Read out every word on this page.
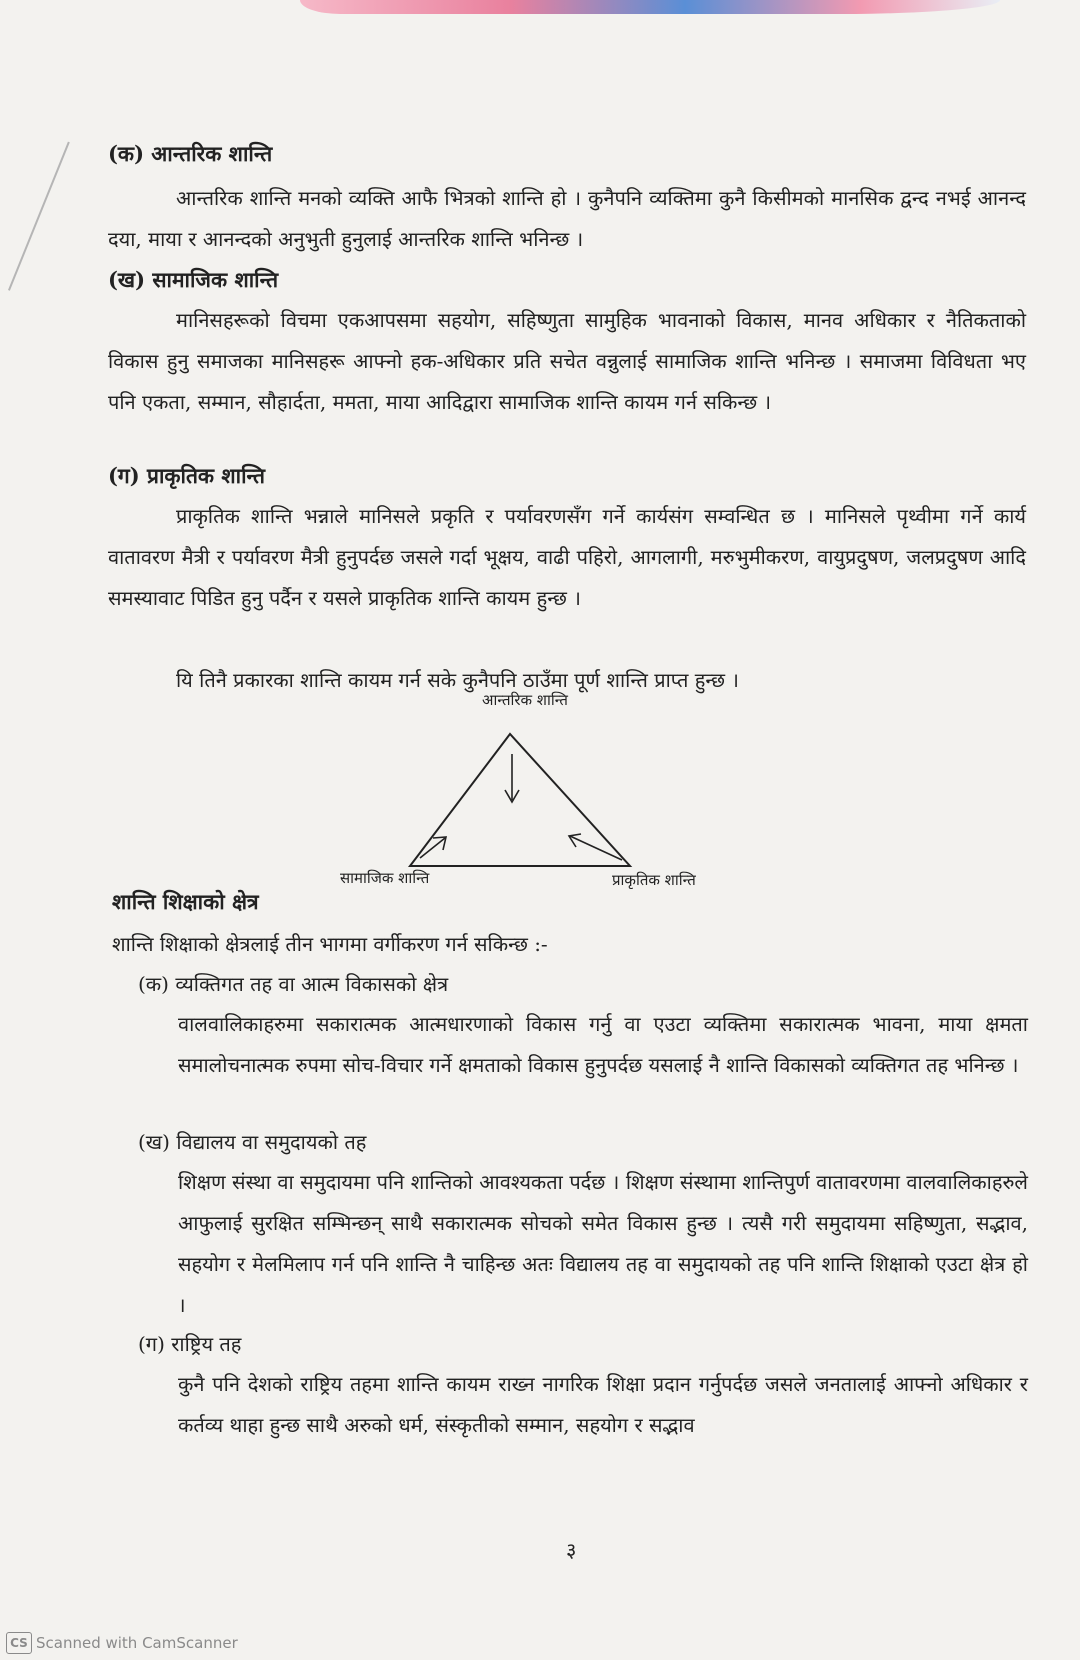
(क) आन्तरिक शान्ति
आन्तरिक शान्ति मनको व्यक्ति आफै भित्रको शान्ति हो । कुनैपनि व्यक्तिमा कुनै किसीमको मानसिक द्वन्द नभई आनन्द दया, माया र आनन्दको अनुभुती हुनुलाई आन्तरिक शान्ति भनिन्छ ।
(ख) सामाजिक शान्ति
मानिसहरूको विचमा एकआपसमा सहयोग, सहिष्णुता सामुहिक भावनाको विकास, मानव अधिकार र नैतिकताको विकास हुनु समाजका मानिसहरू आफ्नो हक-अधिकार प्रति सचेत वन्नुलाई सामाजिक शान्ति भनिन्छ । समाजमा विविधता भए पनि एकता, सम्मान, सौहार्दता, ममता, माया आदिद्वारा सामाजिक शान्ति कायम गर्न सकिन्छ ।
(ग) प्राकृतिक शान्ति
प्राकृतिक शान्ति भन्नाले मानिसले प्रकृति र पर्यावरणसँग गर्ने कार्यसंग सम्वन्धित छ । मानिसले पृथ्वीमा गर्ने कार्य वातावरण मैत्री र पर्यावरण मैत्री हुनुपर्दछ जसले गर्दा भूक्षय, वाढी पहिरो, आगलागी, मरुभुमीकरण, वायुप्रदुषण, जलप्रदुषण आदि समस्यावाट पिडित हुनु पर्दैन र यसले प्राकृतिक शान्ति कायम हुन्छ ।
यि तिनै प्रकारका शान्ति कायम गर्न सके कुनैपनि ठाउँमा पूर्ण शान्ति प्राप्त हुन्छ ।
आन्तरिक शान्ति
सामाजिक शान्ति	प्राकृतिक शान्ति
शान्ति शिक्षाको क्षेत्र
शान्ति शिक्षाको क्षेत्रलाई तीन भागमा वर्गीकरण गर्न सकिन्छ :-
(क) व्यक्तिगत तह वा आत्म विकासको क्षेत्र
वालवालिकाहरुमा सकारात्मक आत्मधारणाको विकास गर्नु वा एउटा व्यक्तिमा सकारात्मक भावना, माया क्षमता समालोचनात्मक रुपमा सोच-विचार गर्ने क्षमताको विकास हुनुपर्दछ यसलाई नै शान्ति विकासको व्यक्तिगत तह भनिन्छ ।
(ख) विद्यालय वा समुदायको तह
शिक्षण संस्था वा समुदायमा पनि शान्तिको आवश्यकता पर्दछ । शिक्षण संस्थामा शान्तिपुर्ण वातावरणमा वालवालिकाहरुले आफुलाई सुरक्षित सम्भिन्छन् साथै सकारात्मक सोचको समेत विकास हुन्छ । त्यसै गरी समुदायमा सहिष्णुता, सद्भाव, सहयोग र मेलमिलाप गर्न पनि शान्ति नै चाहिन्छ अतः विद्यालय तह वा समुदायको तह पनि शान्ति शिक्षाको एउटा क्षेत्र हो ।
(ग) राष्ट्रिय तह
कुनै पनि देशको राष्ट्रिय तहमा शान्ति कायम राख्न नागरिक शिक्षा प्रदान गर्नुपर्दछ जसले जनतालाई आफ्नो अधिकार र कर्तव्य थाहा हुन्छ साथै अरुको धर्म, संस्कृतीको सम्मान, सहयोग र सद्भाव
३
CS Scanned with CamScanner
